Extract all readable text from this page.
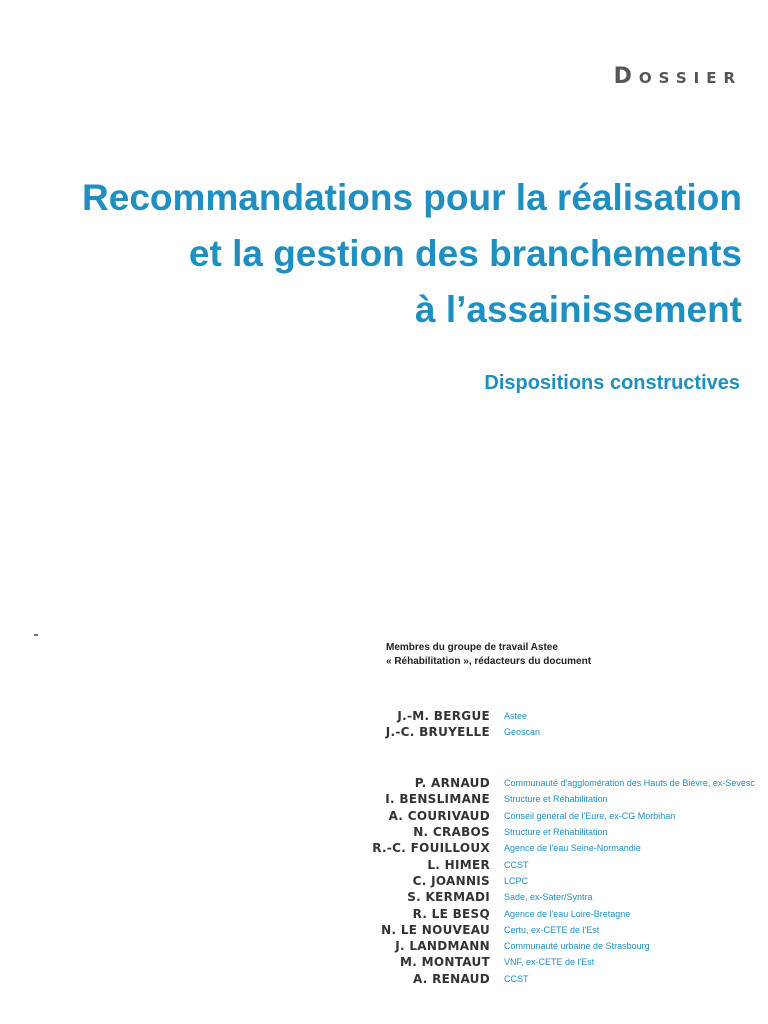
Dossier
Recommandations pour la réalisation
et la gestion des branchements
à l’assainissement
Dispositions constructives
Membres du groupe de travail Astee
« Réhabilitation », rédacteurs du document
J.-M. BERGUE Astee
J.-C. BRUYELLE Geoscan
P. ARNAUD Communauté d'agglomération des Hauts de Bièvre, ex-Sevesc
I. BENSLIMANE Structure et Réhabilitation
A. COURIVAUD Conseil général de l'Eure, ex-CG Morbihan
N. CRABOS Structure et Réhabilitation
R.-C. FOUILLOUX Agence de l'eau Seine-Normandie
L. HIMER CCST
C. JOANNIS LCPC
S. KERMADI Sade, ex-Sater/Syntra
R. LE BESQ Agence de l'eau Loire-Bretagne
N. LE NOUVEAU Certu, ex-CETE de l'Est
J. LANDMANN Communauté urbaine de Strasbourg
M. MONTAUT VNF, ex-CETE de l'Est
A. RENAUD CCST
